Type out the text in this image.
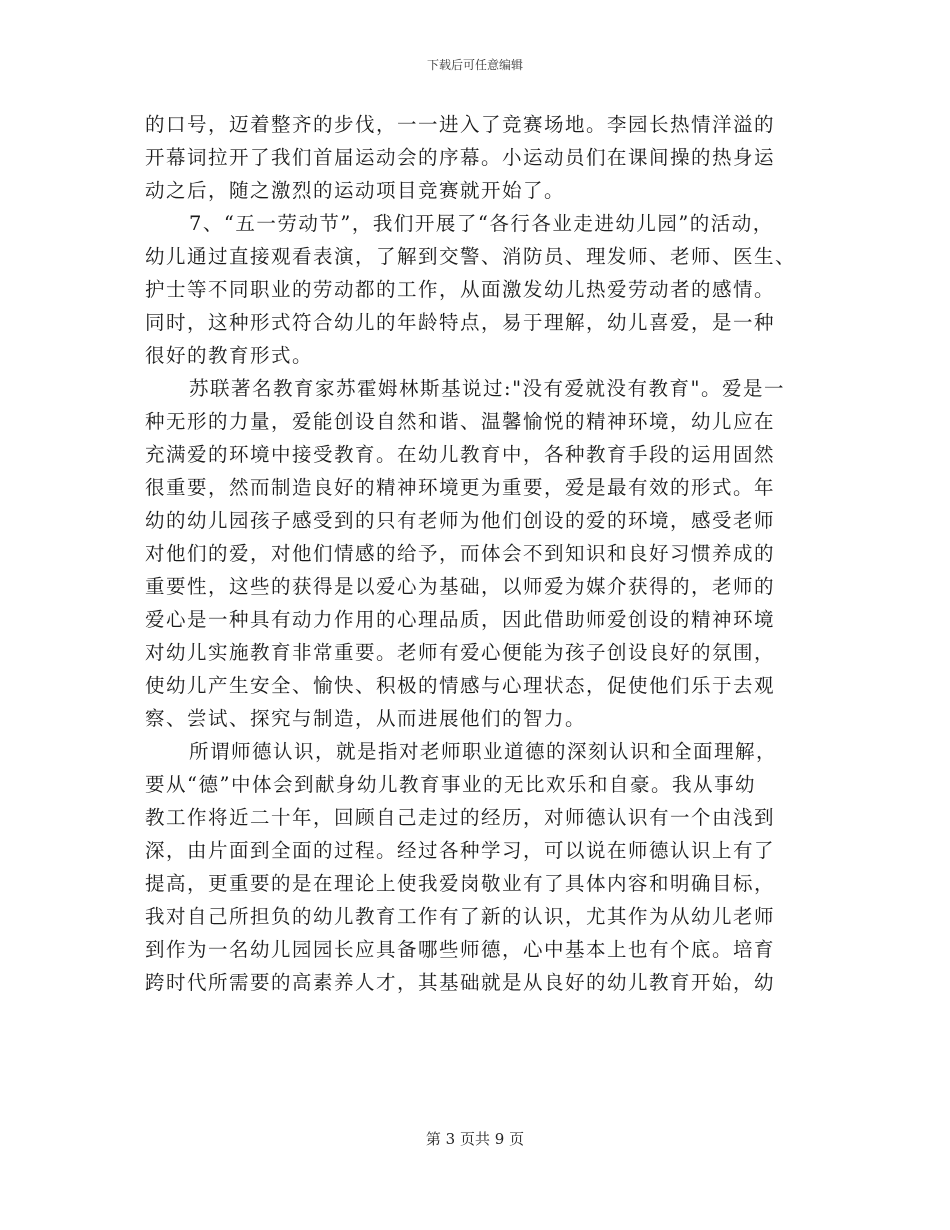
下载后可任意编辑
的口号，迈着整齐的步伐，一一进入了竞赛场地。李园长热情洋溢的
开幕词拉开了我们首届运动会的序幕。小运动员们在课间操的热身运
动之后，随之激烈的运动项目竞赛就开始了。
7、“五一劳动节”，我们开展了“各行各业走进幼儿园”的活动，
幼儿通过直接观看表演，了解到交警、消防员、理发师、老师、医生、
护士等不同职业的劳动都的工作，从面激发幼儿热爱劳动者的感情。
同时，这种形式符合幼儿的年龄特点，易于理解，幼儿喜爱，是一种
很好的教育形式。
苏联著名教育家苏霍姆林斯基说过:"没有爱就没有教育"。爱是一
种无形的力量，爱能创设自然和谐、温馨愉悦的精神环境，幼儿应在
充满爱的环境中接受教育。在幼儿教育中，各种教育手段的运用固然
很重要，然而制造良好的精神环境更为重要，爱是最有效的形式。年
幼的幼儿园孩子感受到的只有老师为他们创设的爱的环境，感受老师
对他们的爱，对他们情感的给予，而体会不到知识和良好习惯养成的
重要性，这些的获得是以爱心为基础，以师爱为媒介获得的，老师的
爱心是一种具有动力作用的心理品质，因此借助师爱创设的精神环境
对幼儿实施教育非常重要。老师有爱心便能为孩子创设良好的氛围，
使幼儿产生安全、愉快、积极的情感与心理状态，促使他们乐于去观
察、尝试、探究与制造，从而进展他们的智力。
所谓师德认识，就是指对老师职业道德的深刻认识和全面理解，
要从“德”中体会到献身幼儿教育事业的无比欢乐和自豪。我从事幼
教工作将近二十年，回顾自己走过的经历，对师德认识有一个由浅到
深，由片面到全面的过程。经过各种学习，可以说在师德认识上有了
提高，更重要的是在理论上使我爱岗敬业有了具体内容和明确目标，
我对自己所担负的幼儿教育工作有了新的认识，尤其作为从幼儿老师
到作为一名幼儿园园长应具备哪些师德，心中基本上也有个底。培育
跨时代所需要的高素养人才，其基础就是从良好的幼儿教育开始，幼
第 3 页共 9 页
